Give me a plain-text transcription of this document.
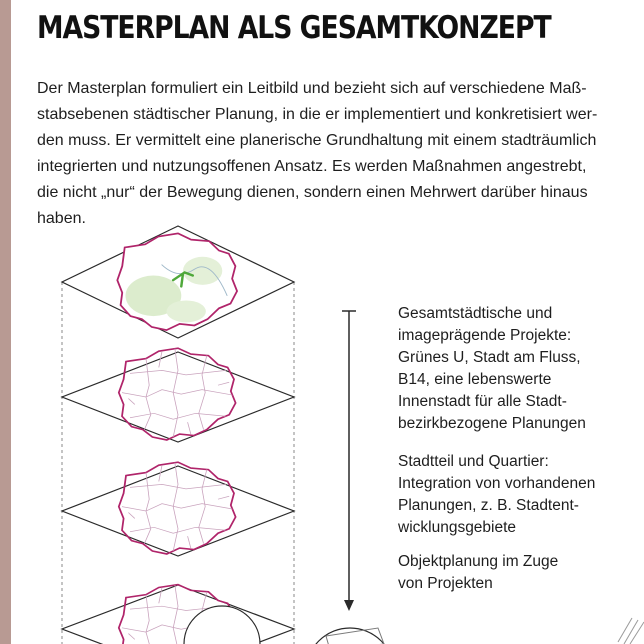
MASTERPLAN ALS GESAMTKONZEPT
Der Masterplan formuliert ein Leitbild und bezieht sich auf verschiedene Maß-
stabsebenen städtischer Planung, in die er implementiert und konkretisiert wer-
den muss. Er vermittelt eine planerische Grundhaltung mit einem stadträumlich
integrierten und nutzungsoffenen Ansatz. Es werden Maßnahmen angestrebt,
die nicht „nur“ der Bewegung dienen, sondern einen Mehrwert darüber hinaus
haben.
Gesamtstädtische und
imageprägende Projekte:
Grünes U, Stadt am Fluss,
B14, eine lebenswerte
Innenstadt für alle Stadt-
bezirkbezogene Planungen
Stadtteil und Quartier:
Integration von vorhandenen
Planungen, z. B. Stadtent-
wicklungsgebiete
Objektplanung im Zuge
von Projekten
